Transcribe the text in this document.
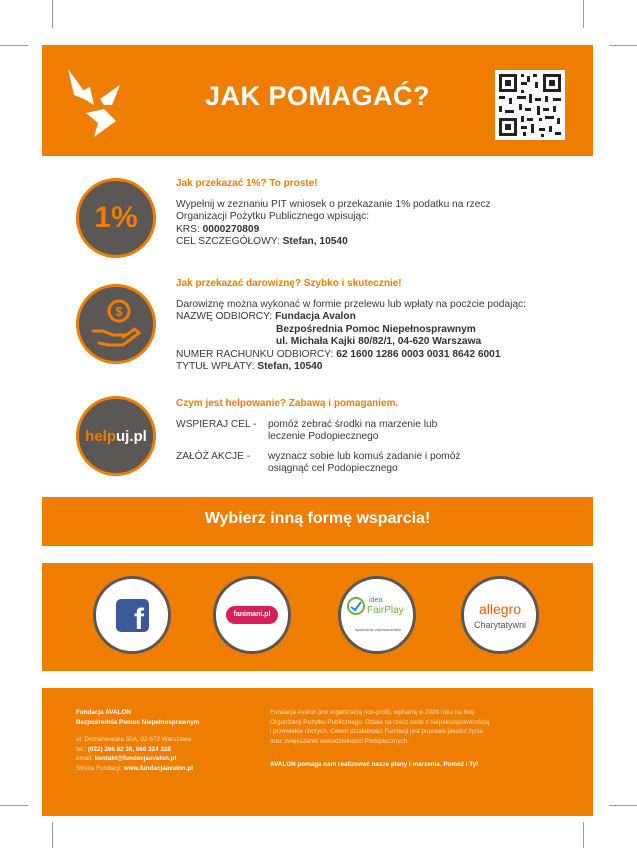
JAK POMAGAĆ?
1%
Jak przekazać 1%? To proste!
Wypełnij w zeznaniu PIT wniosek o przekazanie 1% podatku na rzecz
Organizacji Pożytku Publicznego wpisując:
KRS: 0000270809
CEL SZCZEGÓŁOWY: Stefan, 10540
$
Jak przekazać darowiznę? Szybko i skutecznie!
Darowiznę można wykonać w formie przelewu lub wpłaty na poczcie podając:
NAZWĘ ODBIORCY: Fundacja Avalon
Bezpośrednia Pomoc Niepełnosprawnym
ul. Michała Kajki 80/82/1, 04-620 Warszawa
NUMER RACHUNKU ODBIORCY: 62 1600 1286 0003 0031 8642 6001
TYTUŁ WPŁATY: Stefan, 10540
helpuj.pl
Czym jest helpowanie? Zabawą i pomaganiem.
WSPIERAJ CEL - pomóż zebrać środki na marzenie lub
leczenie Podopiecznego
ZAŁÓŻ AKCJE - wyznacz sobie lub komuś zadanie i pomóż
osiągnąć cel Podopiecznego
Wybierz inną formę wsparcia!
f	fanimani.pl
idea
FairPlay
społecznie odpowiedzialni
allegro
Charytatywni
Fundacja AVALON
Bezpośrednia Pomoc Niepełnosprawnym
ul. Domaniewska 50A, 02-672 Warszawa
tel.: (022) 266 82 36, 666 324 328
email: kontakt@fundacjaavalon.pl
Strona Fundacji: www.fundacjaavalon.pl
Fundacja Avalon jest organizacją non-profit, wpisaną w 2009 roku na listę
Organizacji Pożytku Publicznego. Działa na rzecz osób z niepełnosprawnością
i przewlekle chorych. Celem działalności Fundacji jest poprawa jakości życia
oraz zwiększanie samodzielności Podopiecznych.
AVALON pomaga nam realizować nasze plany i marzenia. Pomóż i Ty!
